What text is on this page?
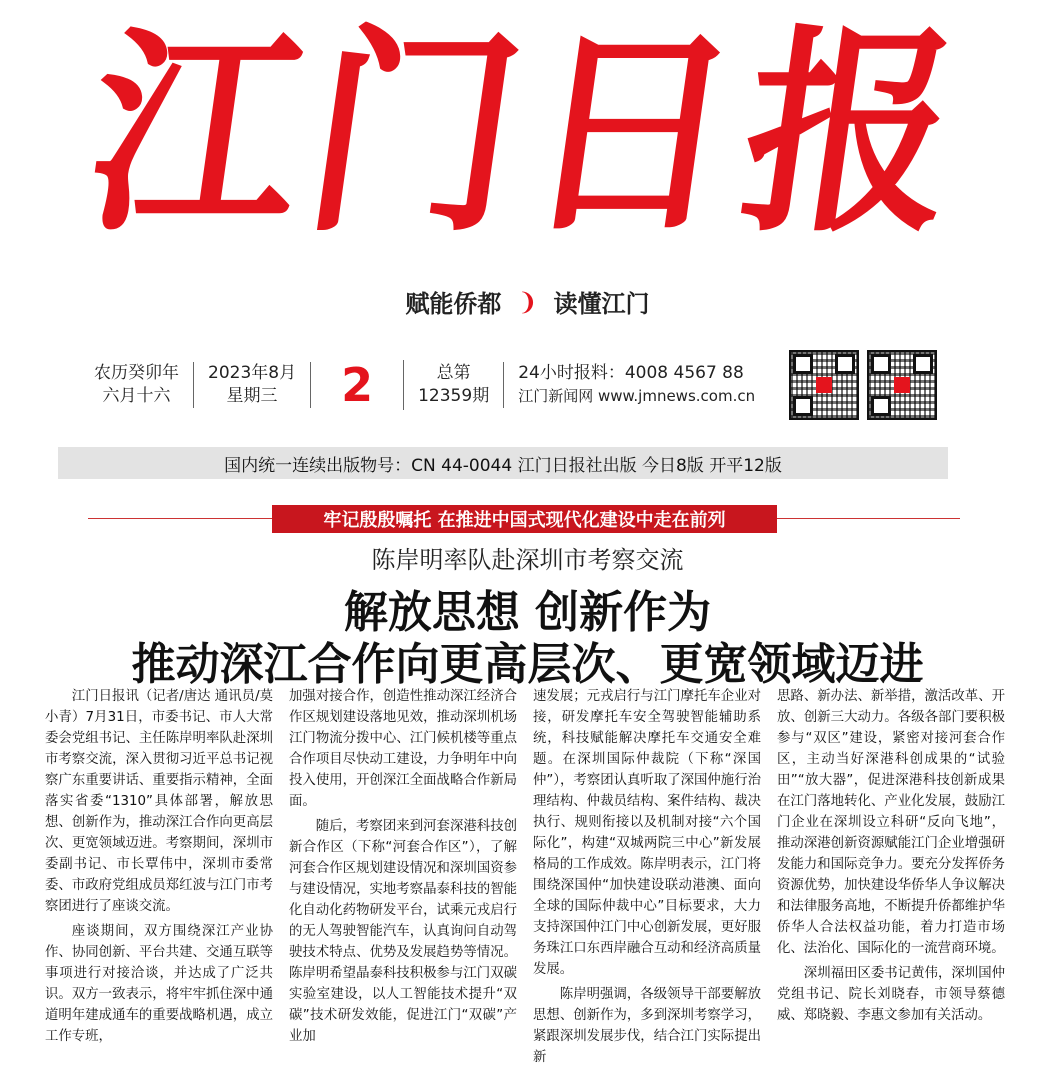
江门日报
赋能侨都 ❩ 读懂江门
农历癸卯年
六月十六
2023年8月
星期三	2	总第
12359期
24小时报料：4008 4567 88
江门新闻网 www.jmnews.com.cn
国内统一连续出版物号：CN 44-0044 江门日报社出版 今日8版 开平12版
牢记殷殷嘱托 在推进中国式现代化建设中走在前列
陈岸明率队赴深圳市考察交流
解放思想 创新作为
推动深江合作向更高层次、更宽领域迈进

江门日报讯（记者/唐达 通讯员/莫小青）7月31日，市委书记、市人大常委会党组书记、主任陈岸明率队赴深圳市考察交流，深入贯彻习近平总书记视察广东重要讲话、重要指示精神，全面落实省委“1310”具体部署，解放思想、创新作为，推动深江合作向更高层次、更宽领域迈进。考察期间，深圳市委副书记、市长覃伟中，深圳市委常委、市政府党组成员郑红波与江门市考察团进行了座谈交流。

座谈期间，双方围绕深江产业协作、协同创新、平台共建、交通互联等事项进行对接洽谈，并达成了广泛共识。双方一致表示，将牢牢抓住深中通道明年建成通车的重要战略机遇，成立工作专班，

加强对接合作，创造性推动深江经济合作区规划建设落地见效，推动深圳机场江门物流分拨中心、江门候机楼等重点合作项目尽快动工建设，力争明年中向投入使用，开创深江全面战略合作新局面。

随后，考察团来到河套深港科技创新合作区（下称“河套合作区”），了解河套合作区规划建设情况和深圳国资参与建设情况，实地考察晶泰科技的智能化自动化药物研发平台，试乘元戎启行的无人驾驶智能汽车，认真询问自动驾驶技术特点、优势及发展趋势等情况。陈岸明希望晶泰科技积极参与江门双碳实验室建设，以人工智能技术提升“双碳”技术研发效能，促进江门“双碳”产业加

速发展；元戎启行与江门摩托车企业对接，研发摩托车安全驾驶智能辅助系统，科技赋能解决摩托车交通安全难题。在深圳国际仲裁院（下称“深国仲”），考察团认真听取了深国仲施行治理结构、仲裁员结构、案件结构、裁决执行、规则衔接以及机制对接“六个国际化”，构建“双城两院三中心”新发展格局的工作成效。陈岸明表示，江门将围绕深国仲“加快建设联动港澳、面向全球的国际仲裁中心”目标要求，大力支持深国仲江门中心创新发展，更好服务珠江口东西岸融合互动和经济高质量发展。

陈岸明强调，各级领导干部要解放思想、创新作为，多到深圳考察学习，紧跟深圳发展步伐，结合江门实际提出新

思路、新办法、新举措，激活改革、开放、创新三大动力。各级各部门要积极参与“双区”建设，紧密对接河套合作区，主动当好深港科创成果的“试验田”“放大器”，促进深港科技创新成果在江门落地转化、产业化发展，鼓励江门企业在深圳设立科研“反向飞地”，推动深港创新资源赋能江门企业增强研发能力和国际竞争力。要充分发挥侨务资源优势，加快建设华侨华人争议解决和法律服务高地，不断提升侨都维护华侨华人合法权益功能，着力打造市场化、法治化、国际化的一流营商环境。

深圳福田区委书记黄伟，深圳国仲党组书记、院长刘晓春，市领导蔡德威、郑晓毅、李惠文参加有关活动。
